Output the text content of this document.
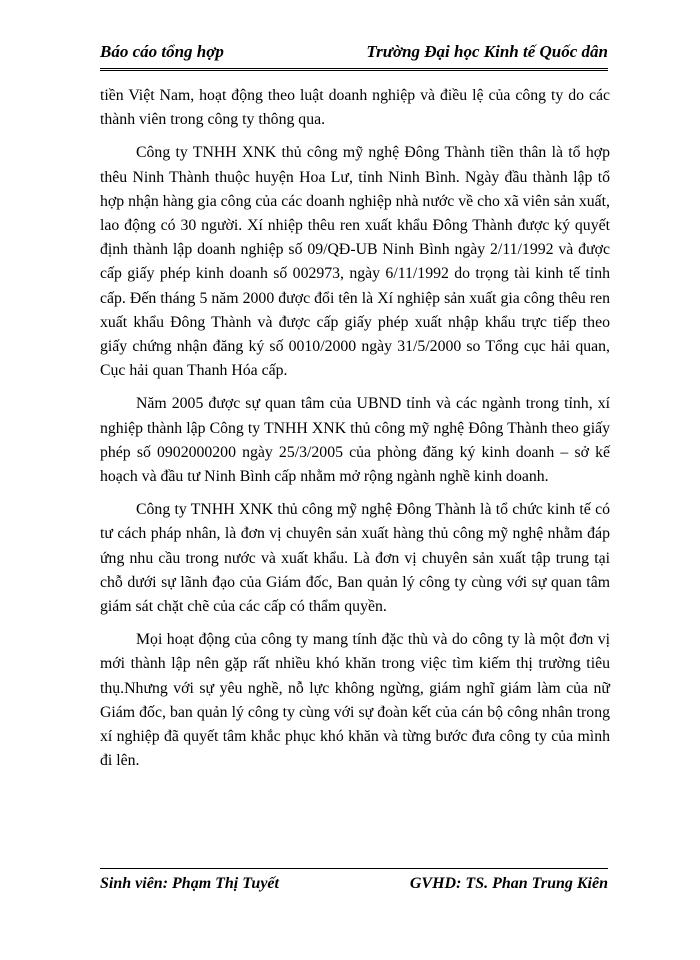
Báo cáo tổng hợp	Trường Đại học Kinh tế Quốc dân

tiền Việt Nam, hoạt động theo luật doanh nghiệp và điều lệ của công ty do các thành viên trong công ty thông qua.

Công ty TNHH XNK thủ công mỹ nghệ Đông Thành tiền thân là tổ hợp thêu Ninh Thành thuộc huyện Hoa Lư, tỉnh Ninh Bình. Ngày đầu thành lập tổ hợp nhận hàng gia công của các doanh nghiệp nhà nước về cho xã viên sản xuất, lao động có 30 người. Xí nhiệp thêu ren xuất khẩu Đông Thành được ký quyết định thành lập doanh nghiệp số 09/QĐ-UB Ninh Bình ngày 2/11/1992 và được cấp giấy phép kinh doanh số 002973, ngày 6/11/1992 do trọng tài kinh tế tỉnh cấp. Đến tháng 5 năm 2000 được đổi tên là Xí nghiệp sản xuất gia công thêu ren xuất khẩu Đông Thành và được cấp giấy phép xuất nhập khẩu trực tiếp theo giấy chứng nhận đăng ký số 0010/2000 ngày 31/5/2000 so Tổng cục hải quan, Cục hải quan Thanh Hóa cấp.

Năm 2005 được sự quan tâm của UBND tỉnh và các ngành trong tỉnh, xí nghiệp thành lập Công ty TNHH XNK thủ công mỹ nghệ Đông Thành theo giấy phép số 0902000200 ngày 25/3/2005 của phòng đăng ký kinh doanh – sở kế hoạch và đầu tư Ninh Bình cấp nhằm mở rộng ngành nghề kinh doanh.

Công ty TNHH XNK thủ công mỹ nghệ Đông Thành là tổ chức kinh tế có tư cách pháp nhân, là đơn vị chuyên sản xuất hàng thủ công mỹ nghệ nhằm đáp ứng nhu cầu trong nước và xuất khẩu. Là đơn vị chuyên sản xuất tập trung tại chỗ dưới sự lãnh đạo của Giám đốc, Ban quản lý công ty cùng với sự quan tâm giám sát chặt chẽ của các cấp có thẩm quyền.

Mọi hoạt động của công ty mang tính đặc thù và do công ty là một đơn vị mới thành lập nên gặp rất nhiều khó khăn trong việc tìm kiếm thị trường tiêu thụ.Nhưng với sự yêu nghề, nỗ lực không ngừng, giám nghĩ giám làm của nữ Giám đốc, ban quản lý công ty cùng với sự đoàn kết của cán bộ công nhân trong xí nghiệp đã quyết tâm khắc phục khó khăn và từng bước đưa công ty của mình đi lên.

Sinh viên: Phạm Thị Tuyết	GVHD: TS. Phan Trung Kiên
